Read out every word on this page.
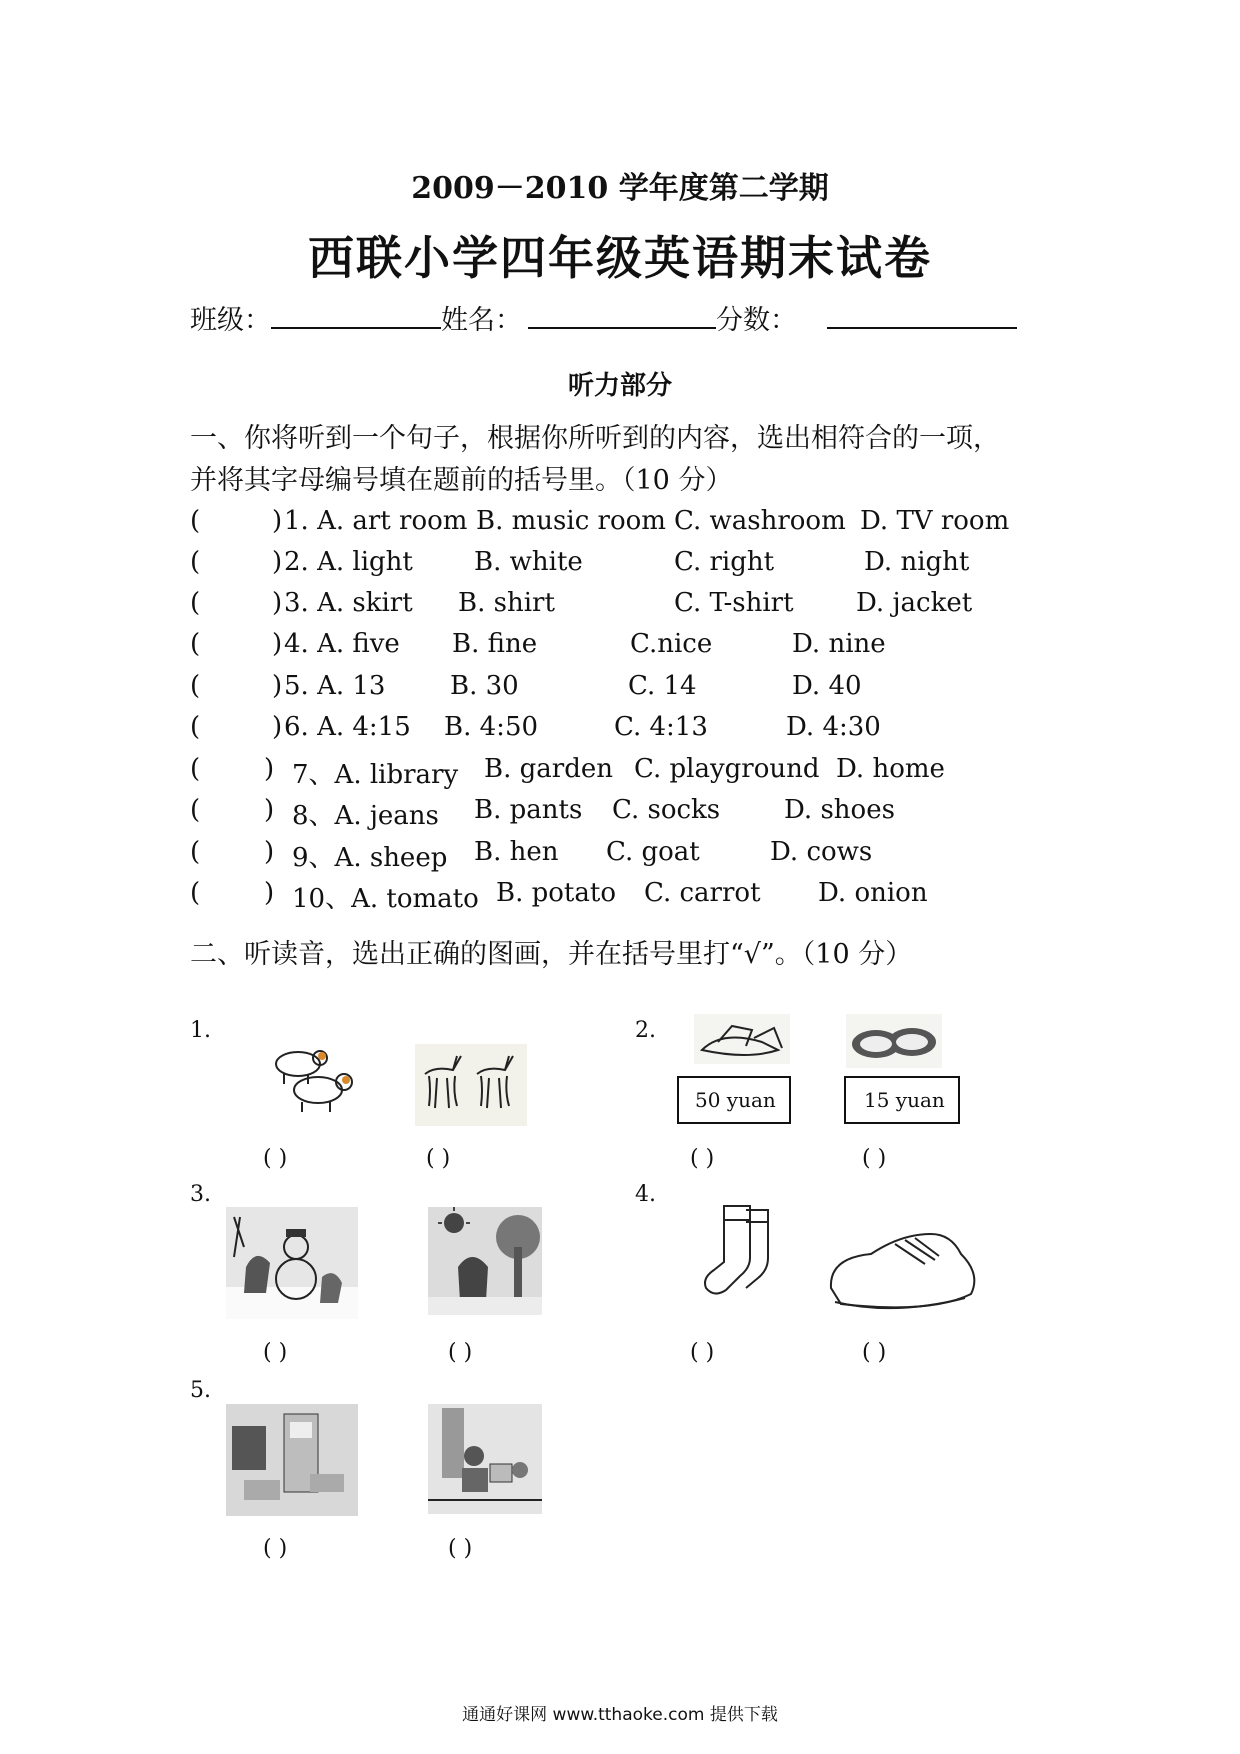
2009－2010 学年度第二学期
西联小学四年级英语期末试卷
班级：	姓名：	分数：
听力部分
一、你将听到一个句子，根据你所听到的内容，选出相符合的一项，
并将其字母编号填在题前的括号里。（10 分）
(	) 1. A. art room B. music room C. washroom D. TV room
(	) 2. A. light B. white	C. right	D. night
(	) 3. A. skirt B. shirt	C. T-shirt D. jacket
(	) 4. A. five B. fine	C.nice	D. nine
(	) 5. A. 13 B. 30	C. 14	D. 40
(	) 6. A. 4:15 B. 4:50	C. 4:13	D. 4:30
( ) 7、A. library B. garden C. playground D. home
( ) 8、A. jeans B. pants C. socks D. shoes
( ) 9、A. sheep B. hen C. goat	D. cows
( ) 10、A. tomato B. potato C. carrot D. onion
二、听读音，选出正确的图画，并在括号里打“√”。（10 分）
1.	2.
3.	4.
5.
( )	( )
50 yuan	15 yuan
( )	( )
( )	( )	( )	( )
( )	( )
通通好课网 www.tthaoke.com 提供下载
